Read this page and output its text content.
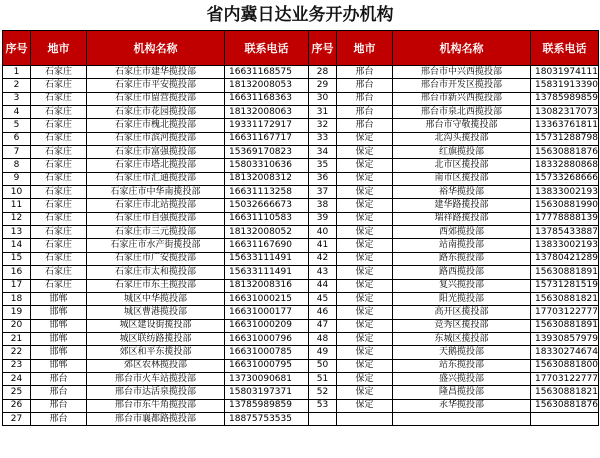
省内冀日达业务开办机构
序号	地市	机构名称	联系电话	序号	地市	机构名称	联系电话
1	石家庄	石家庄市建华揽投部	16631168575	28	邢台	邢台市中兴西揽投部	18031974111
2	石家庄	石家庄市平安揽投部	18132008053	29	邢台	邢台市开发区揽投部	15831913390
3	石家庄	石家庄市留营揽投部	16631168363	30	邢台	邢台市新兴西揽投部	13785989859
4	石家庄	石家庄市花园揽投部	18132008063	31	邢台	邢台市泉北西揽投部	13082317073
5	石家庄	石家庄市槐北揽投部	19331172917	32	邢台	邢台市守敬揽投部	13363761811
6	石家庄	石家庄市滨河揽投部	16631167717	33	保定	北沟头揽投部	15731288798
7	石家庄	石家庄市富强揽投部	15369170823	34	保定	红旗揽投部	15630881876
8	石家庄	石家庄市塔北揽投部	15803310636	35	保定	北市区揽投部	18332880868
9	石家庄	石家庄市汇通揽投部	18132008312	36	保定	南市区揽投部	15733268666
10	石家庄	石家庄市中华南揽投部	16631113258	37	保定	裕华揽投部	13833002193
11	石家庄	石家庄市北站揽投部	15032666673	38	保定	建华路揽投部	15630881990
12	石家庄	石家庄市自强揽投部	16631110583	39	保定	瑞祥路揽投部	17778888139
13	石家庄	石家庄市三元揽投部	18132008052	40	保定	西郊揽投部	13785433887
14	石家庄	石家庄市水产街揽投部	16631167690	41	保定	站南揽投部	13833002193
15	石家庄	石家庄市广安揽投部	15633111491	42	保定	路东揽投部	13780421289
16	石家庄	石家庄市太和揽投部	15633111491	43	保定	路西揽投部	15630881891
17	石家庄	石家庄市东王揽投部	18132008316	44	保定	复兴揽投部	15731281519
18	邯郸	城区中华揽投部	16631000215	45	保定	阳光揽投部	15630881821
19	邯郸	城区曹港揽投部	16631000177	46	保定	高开区揽投部	17703122777
20	邯郸	城区建设街揽投部	16631000209	47	保定	竞秀区揽投部	15630881891
21	邯郸	城区联纺路揽投部	16631000796	48	保定	东城区揽投部	13930857979
22	邯郸	郊区和平东揽投部	16631000785	49	保定	天鹅揽投部	18330274674
23	邯郸	郊区农林揽投部	16631000795	50	保定	站东揽投部	15630881800
24	邢台	邢台市火车站揽投部	13730090681	51	保定	盛兴揽投部	17703122777
25	邢台	邢台市达活泉揽投部	15803197371	52	保定	隆昌揽投部	15630881821
26	邢台	邢台市东牛角揽投部	13785989859	53	保定	永华揽投部	15630881876
27	邢台	邢台市襄都路揽投部	18875753535				
